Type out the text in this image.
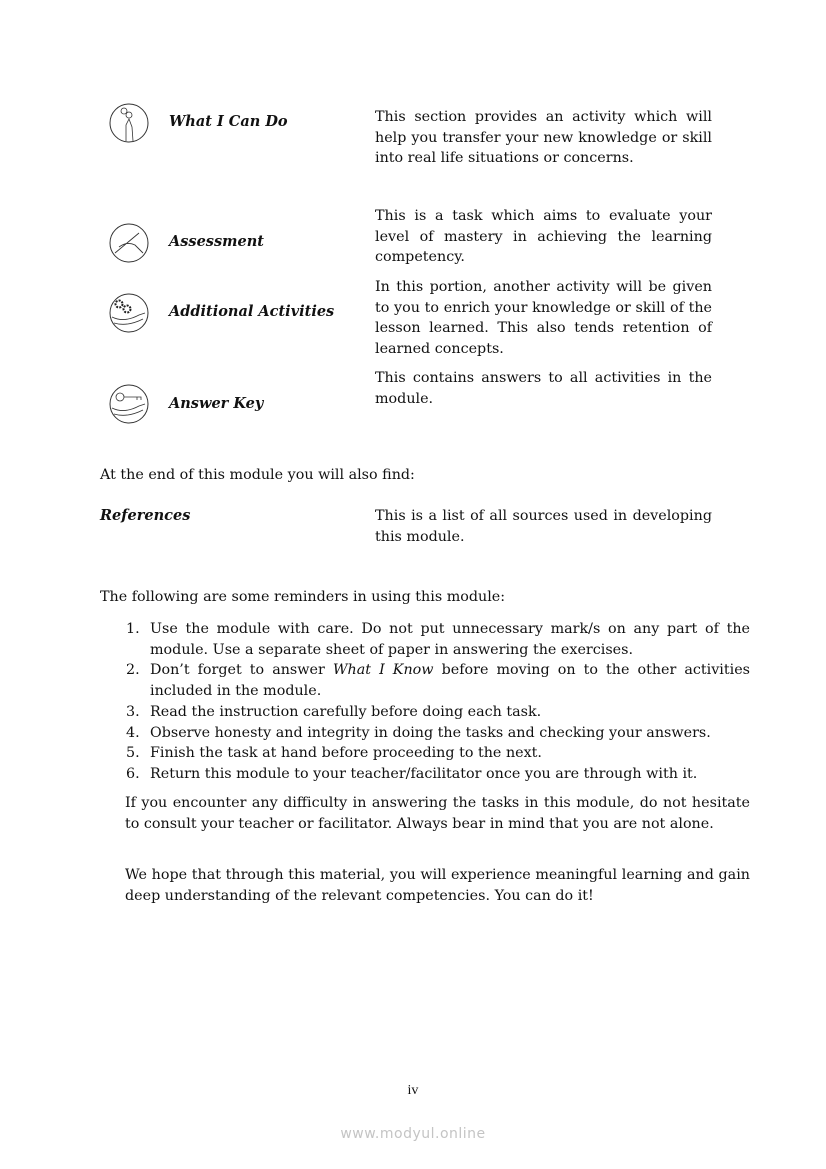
What I Can Do	This section provides an activity which will help you transfer your new knowledge or skill into real life situations or concerns.
Assessment
This is a task which aims to evaluate your level of mastery in achieving the learning competency.
Additional Activities
In this portion, another activity will be given to you to enrich your knowledge or skill of the lesson learned. This also tends retention of learned concepts.
Answer Key
This contains answers to all activities in the module.
At the end of this module you will also find:
References	This is a list of all sources used in developing this module.
The following are some reminders in using this module:
1. Use the module with care. Do not put unnecessary mark/s on any part of the module. Use a separate sheet of paper in answering the exercises.
2. Don’t forget to answer What I Know before moving on to the other activities included in the module.
3. Read the instruction carefully before doing each task.
4. Observe honesty and integrity in doing the tasks and checking your answers.
5. Finish the task at hand before proceeding to the next.
6. Return this module to your teacher/facilitator once you are through with it.
If you encounter any difficulty in answering the tasks in this module, do not hesitate to consult your teacher or facilitator. Always bear in mind that you are not alone.
We hope that through this material, you will experience meaningful learning and gain deep understanding of the relevant competencies. You can do it!
iv
www.modyul.online
